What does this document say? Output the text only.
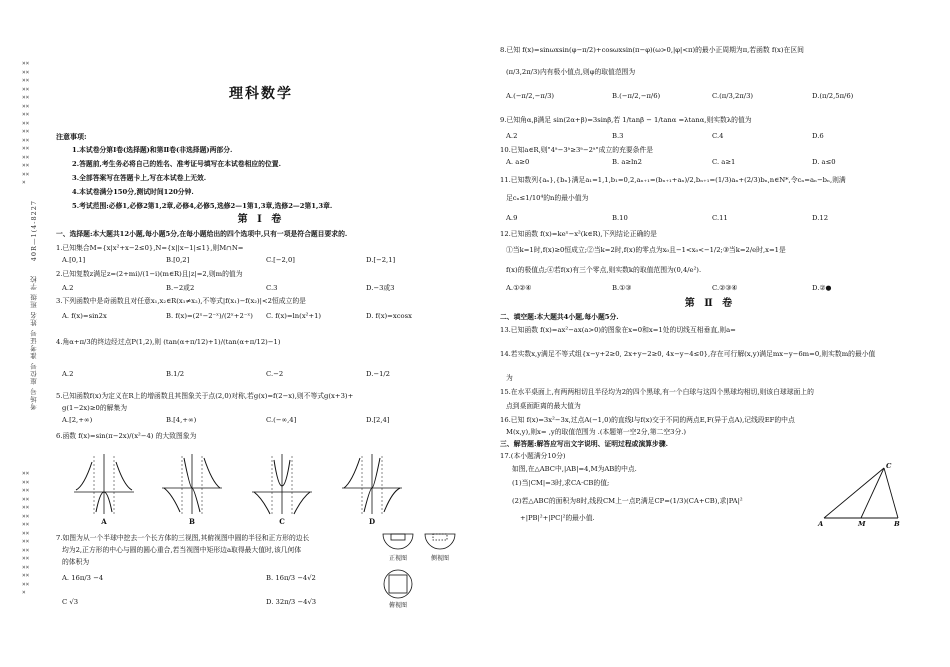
×××××××××××××××××××××××××××××
×××××××××××××××××××××××××××××
40R—1(4-8227
考场号 座位号 准考证号 姓名 班级 学校
理科数学
注意事项:
1.本试卷分第Ⅰ卷(选择题)和第Ⅱ卷(非选择题)两部分.
2.答题前,考生务必将自己的姓名、准考证号填写在本试卷相应的位置.
3.全部答案写在答题卡上,写在本试卷上无效.
4.本试卷满分150分,测试时间120分钟.
5.考试范围:必修1,必修2第1,2章,必修4,必修5,选修2—1第1,3章,选修2—2第1,3章.
第 Ⅰ 卷
一、选择题:本大题共12小题,每小题5分,在每小题给出的四个选项中,只有一项是符合题目要求的.
1.已知集合M={x|x²+x−2≤0},N={x||x−1|≤1},则M∩N=
A.[0,1]	B.[0,2]	C.[−2,0]	D.[−2,1]
2.已知复数z满足z=(2+mi)/(1−i)(m∈R)且|z|=2,则m的值为
A.2	B.−2或2	C.3	D.−3或3
3.下列函数中是奇函数且对任意x₁,x₂∈R(x₁≠x₂),不等式|f(x₁)−f(x₂)|<2恒成立的是
A. f(x)=sin2x	B. f(x)=(2ˣ−2⁻ˣ)/(2ˣ+2⁻ˣ) C. f(x)=ln(x²+1)	D. f(x)=xcosx
4.角α+π/3的终边经过点P(1,2),则 (tan(α+π/12)+1)/(tan(α+π/12)−1)
A.2	B.1/2	C.−2	D.−1/2
5.已知函数f(x)为定义在R上的增函数且其图象关于点(2,0)对称,若g(x)=f(2−x),则不等式g(x+3)+
g(1−2x)≥0的解集为
A.[2,+∞)	B.[4,+∞)	C.(−∞,4]	D.[2,4]
6.函数 f(x)=sin(π−2x)/(x²−4) 的大致图象为
A	B	C	D
7.如图为从一个半球中挖去一个长方体的三视图,其俯视图中圆的半径和正方形的边长
均为2,正方形的中心与圆的圆心重合,若当视图中矩形边a取得最大值时,该几何体
的体积为
A. 16π/3 −4	B. 16π/3 −4√2
C √3	D. 32π/3 −4√3
正视图	侧视图
俯视图
8.已知 f(x)=sinωxsin(φ−π/2)+cosωxsin(π−φ)(ω>0,|φ|<π)的最小正周期为π,若函数 f(x)在区间
(π/3,2π/3)内有极小值点,则φ的取值范围为
A.(−π/2,−π/3)	B.(−π/2,−π/6)	C.(π/3,2π/3)	D.(π/2,5π/6)
9.已知角α,β满足 sin(2α+β)=3sinβ,若 1/tanβ − 1/tanα =λtanα,则实数λ的值为
A.2	B.3	C.4	D.6
10.已知a∈R,则"4ᵃ−3ᵃ≥3ᵃ−2ᵃ"成立的充要条件是
A. a≥0	B. a≥ln2	C. a≥1	D. a≤0
11.已知数列{aₙ},{bₙ}满足a₁=1,1,b₁=0,2,aₙ₊₁=(bₙ₊₁+aₙ)/2,bₙ₊₁=(1/3)aₙ+(2/3)bₙ,n∈N*,令cₙ=aₙ−bₙ,则满
足cₙ≤1/10⁴的n的最小值为
A.9	B.10	C.11	D.12
12.已知函数 f(x)=keˣ−x²(k∈R),下列结论正确的是
①当k=1时,f(x)≥0恒成立;②当k=2时,f(x)的零点为x₀且−1<x₀<−1/2;③当k=2/e时,x=1是
f(x)的极值点;④若f(x)有三个零点,则实数k的取值范围为(0,4/e²).
A.①②④	B.①③	C.②③④	D.②●
第 Ⅱ 卷
二、填空题:本大题共4小题,每小题5分.
13.已知函数 f(x)=ax²−ax(a>0)的图象在x=0和x=1处的切线互相垂直,则a=
14.若实数x,y满足不等式组{x−y+2≥0, 2x+y−2≥0, 4x−y−4≤0},存在可行解(x,y)满足mx−y−6m=0,则实数m的最小值
为
15.在水平桌面上,有两两相切且半径均为2的四个黑球,有一个白球与这四个黑球均相切,则该白球球面上的
点到桌面距离的最大值为
16.已知 f(x)=3x²−3x,过点A(−1,0)的直线l与f(x)交于不同的两点E,F(异于点A),记线段EF的中点
M(x,y),则x= ,y的取值范围为 .(本题第一空2分,第二空3分.)
三、解答题:解答应写出文字说明、证明过程或演算步骤.
17.(本小题满分10分)
如图,在△ABC中,|AB|=4,M为AB的中点.
(1)当|CM|=3时,求CA·CB的值;
(2)若△ABC的面积为8时,线段CM上一点P,满足CP=(1/3)(CA+CB),求|PA|²
+|PB|²+|PC|²的最小值.
C
A	M	B
